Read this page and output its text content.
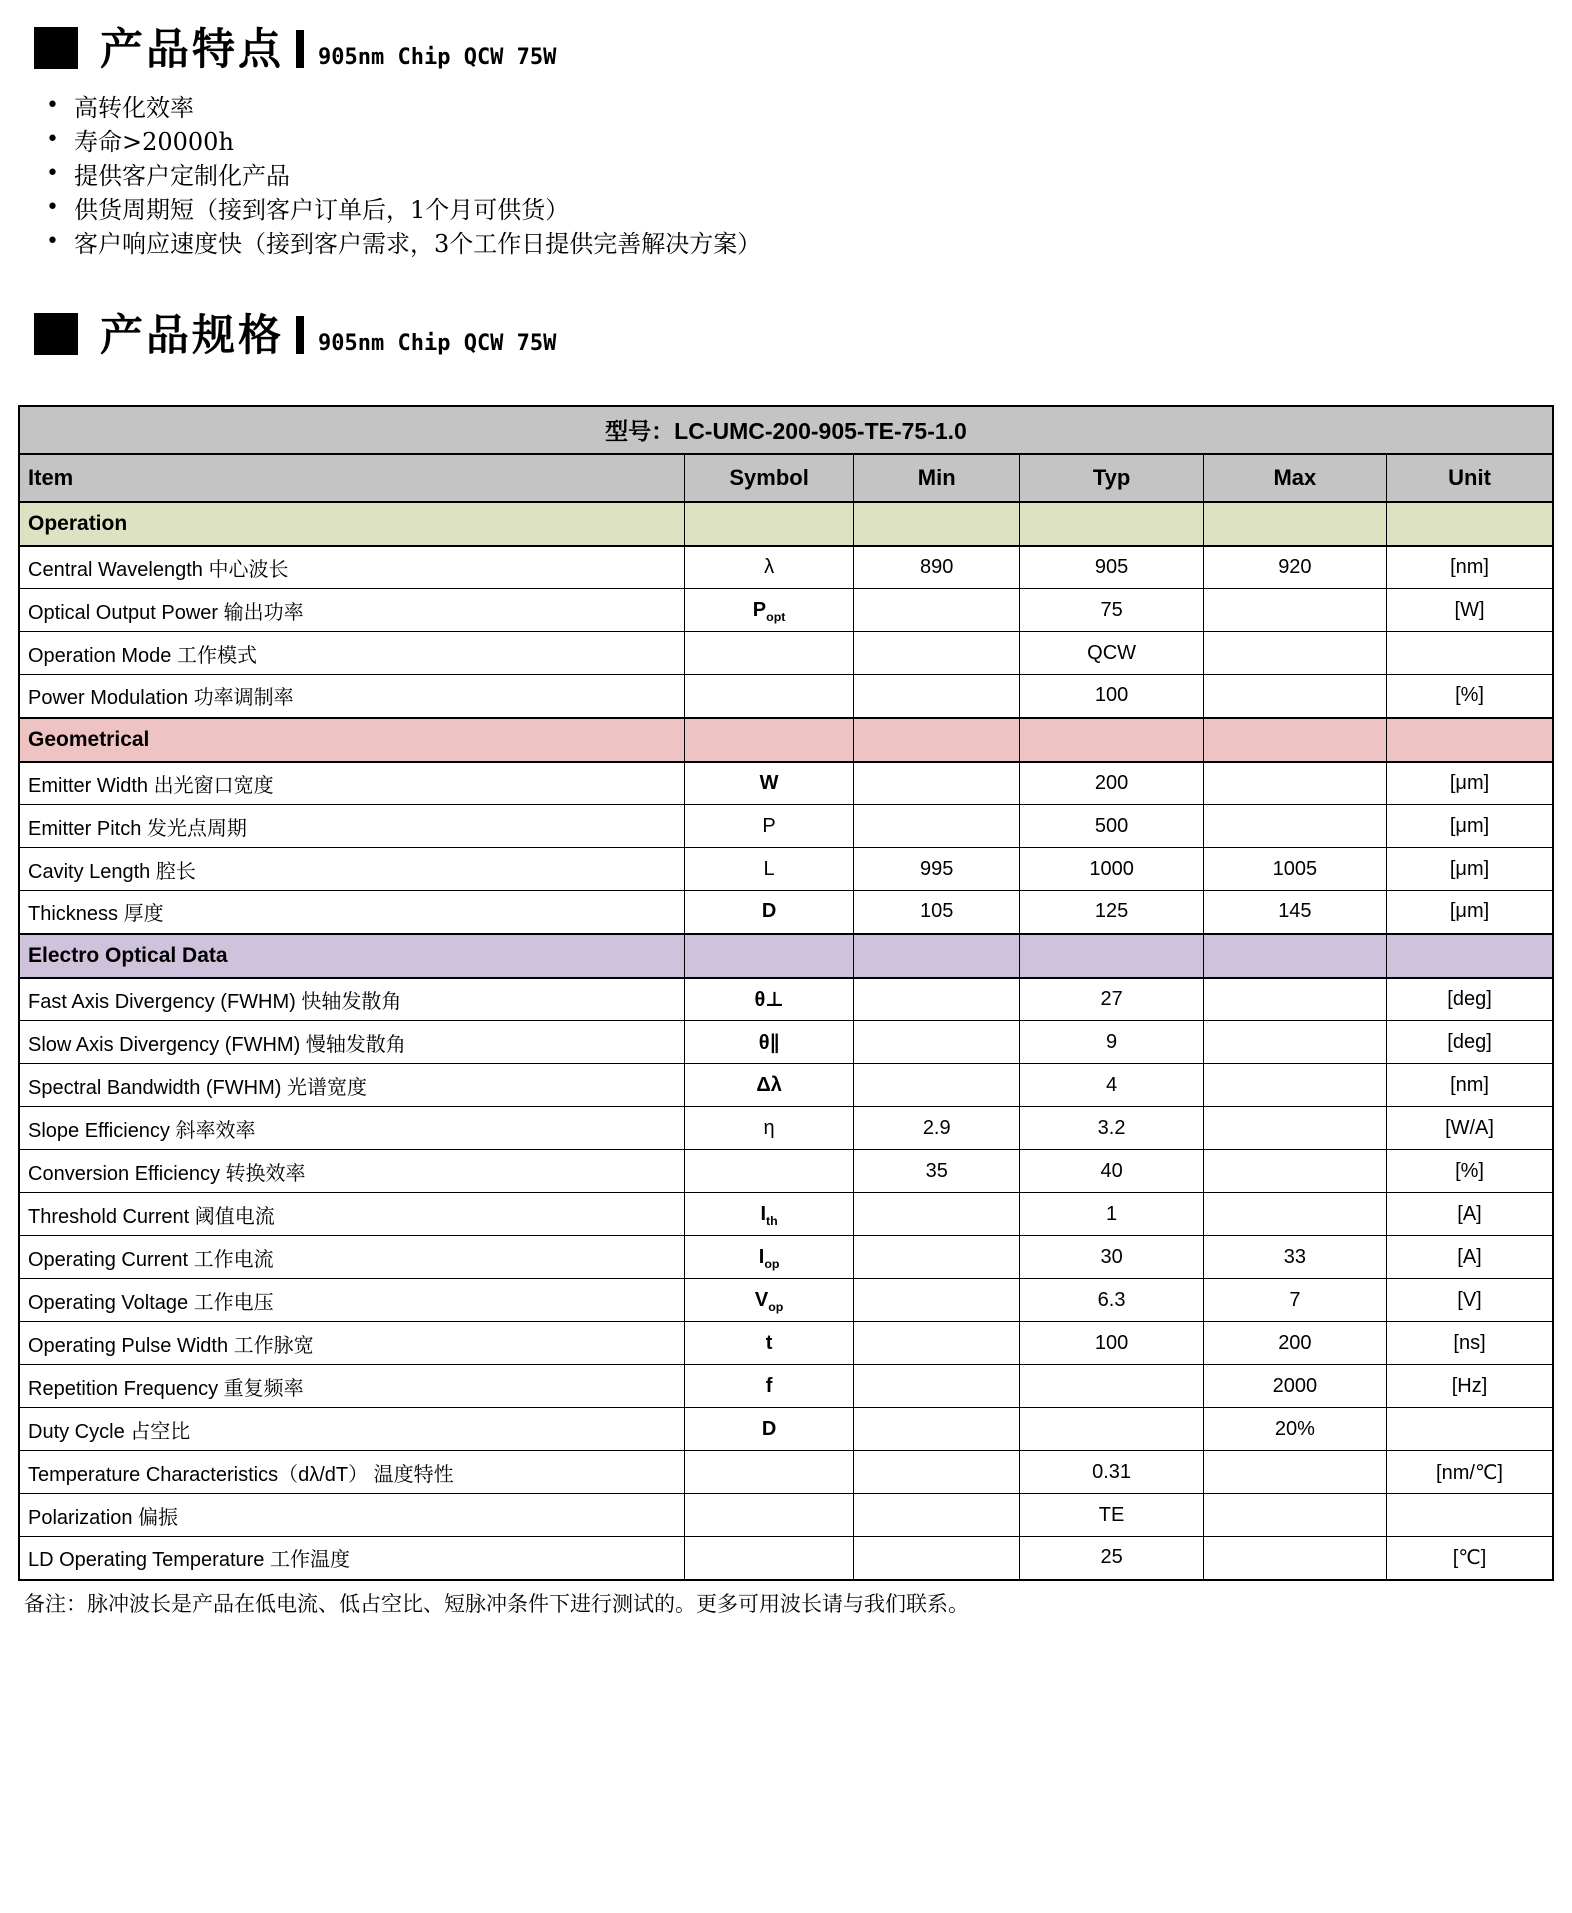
产品特点 905nm Chip QCW 75W
• 高转化效率
• 寿命>20000h
• 提供客户定制化产品
• 供货周期短（接到客户订单后，1个月可供货）
• 客户响应速度快（接到客户需求，3个工作日提供完善解决方案）
产品规格 905nm Chip QCW 75W
型号：LC-UMC-200-905-TE-75-1.0					
Item	Symbol	Min	Typ	Max	Unit
Operation					
Central Wavelength 中心波长	λ	890	905	920	[nm]
Optical Output Power 输出功率	$P_{opt}$		75		[W]
Operation Mode 工作模式			QCW		
Power Modulation 功率调制率			100		[%]
Geometrical					
Emitter Width 出光窗口宽度	W		200		[μm]
Emitter Pitch 发光点周期	P		500		[μm]
Cavity Length 腔长	L	995	1000	1005	[μm]
Thickness 厚度	D	105	125	145	[μm]
Electro Optical Data					
Fast Axis Divergency (FWHM) 快轴发散角	θ⊥		27		[deg]
Slow Axis Divergency (FWHM) 慢轴发散角	θ∥		9		[deg]
Spectral Bandwidth (FWHM) 光谱宽度	Δλ		4		[nm]
Slope Efficiency 斜率效率	η	2.9	3.2		[W/A]
Conversion Efficiency 转换效率		35	40		[%]
Threshold Current 阈值电流	$I_{th}$		1		[A]
Operating Current 工作电流	$I_{op}$		30	33	[A]
Operating Voltage 工作电压	$V_{op}$		6.3	7	[V]
Operating Pulse Width 工作脉宽	t		100	200	[ns]
Repetition Frequency 重复频率	f			2000	[Hz]
Duty Cycle 占空比	D			20%	
Temperature Characteristics（dλ/dT） 温度特性			0.31		[nm/℃]
Polarization 偏振			TE		
LD Operating Temperature 工作温度			25		[℃]
备注：脉冲波长是产品在低电流、低占空比、短脉冲条件下进行测试的。更多可用波长请与我们联系。
